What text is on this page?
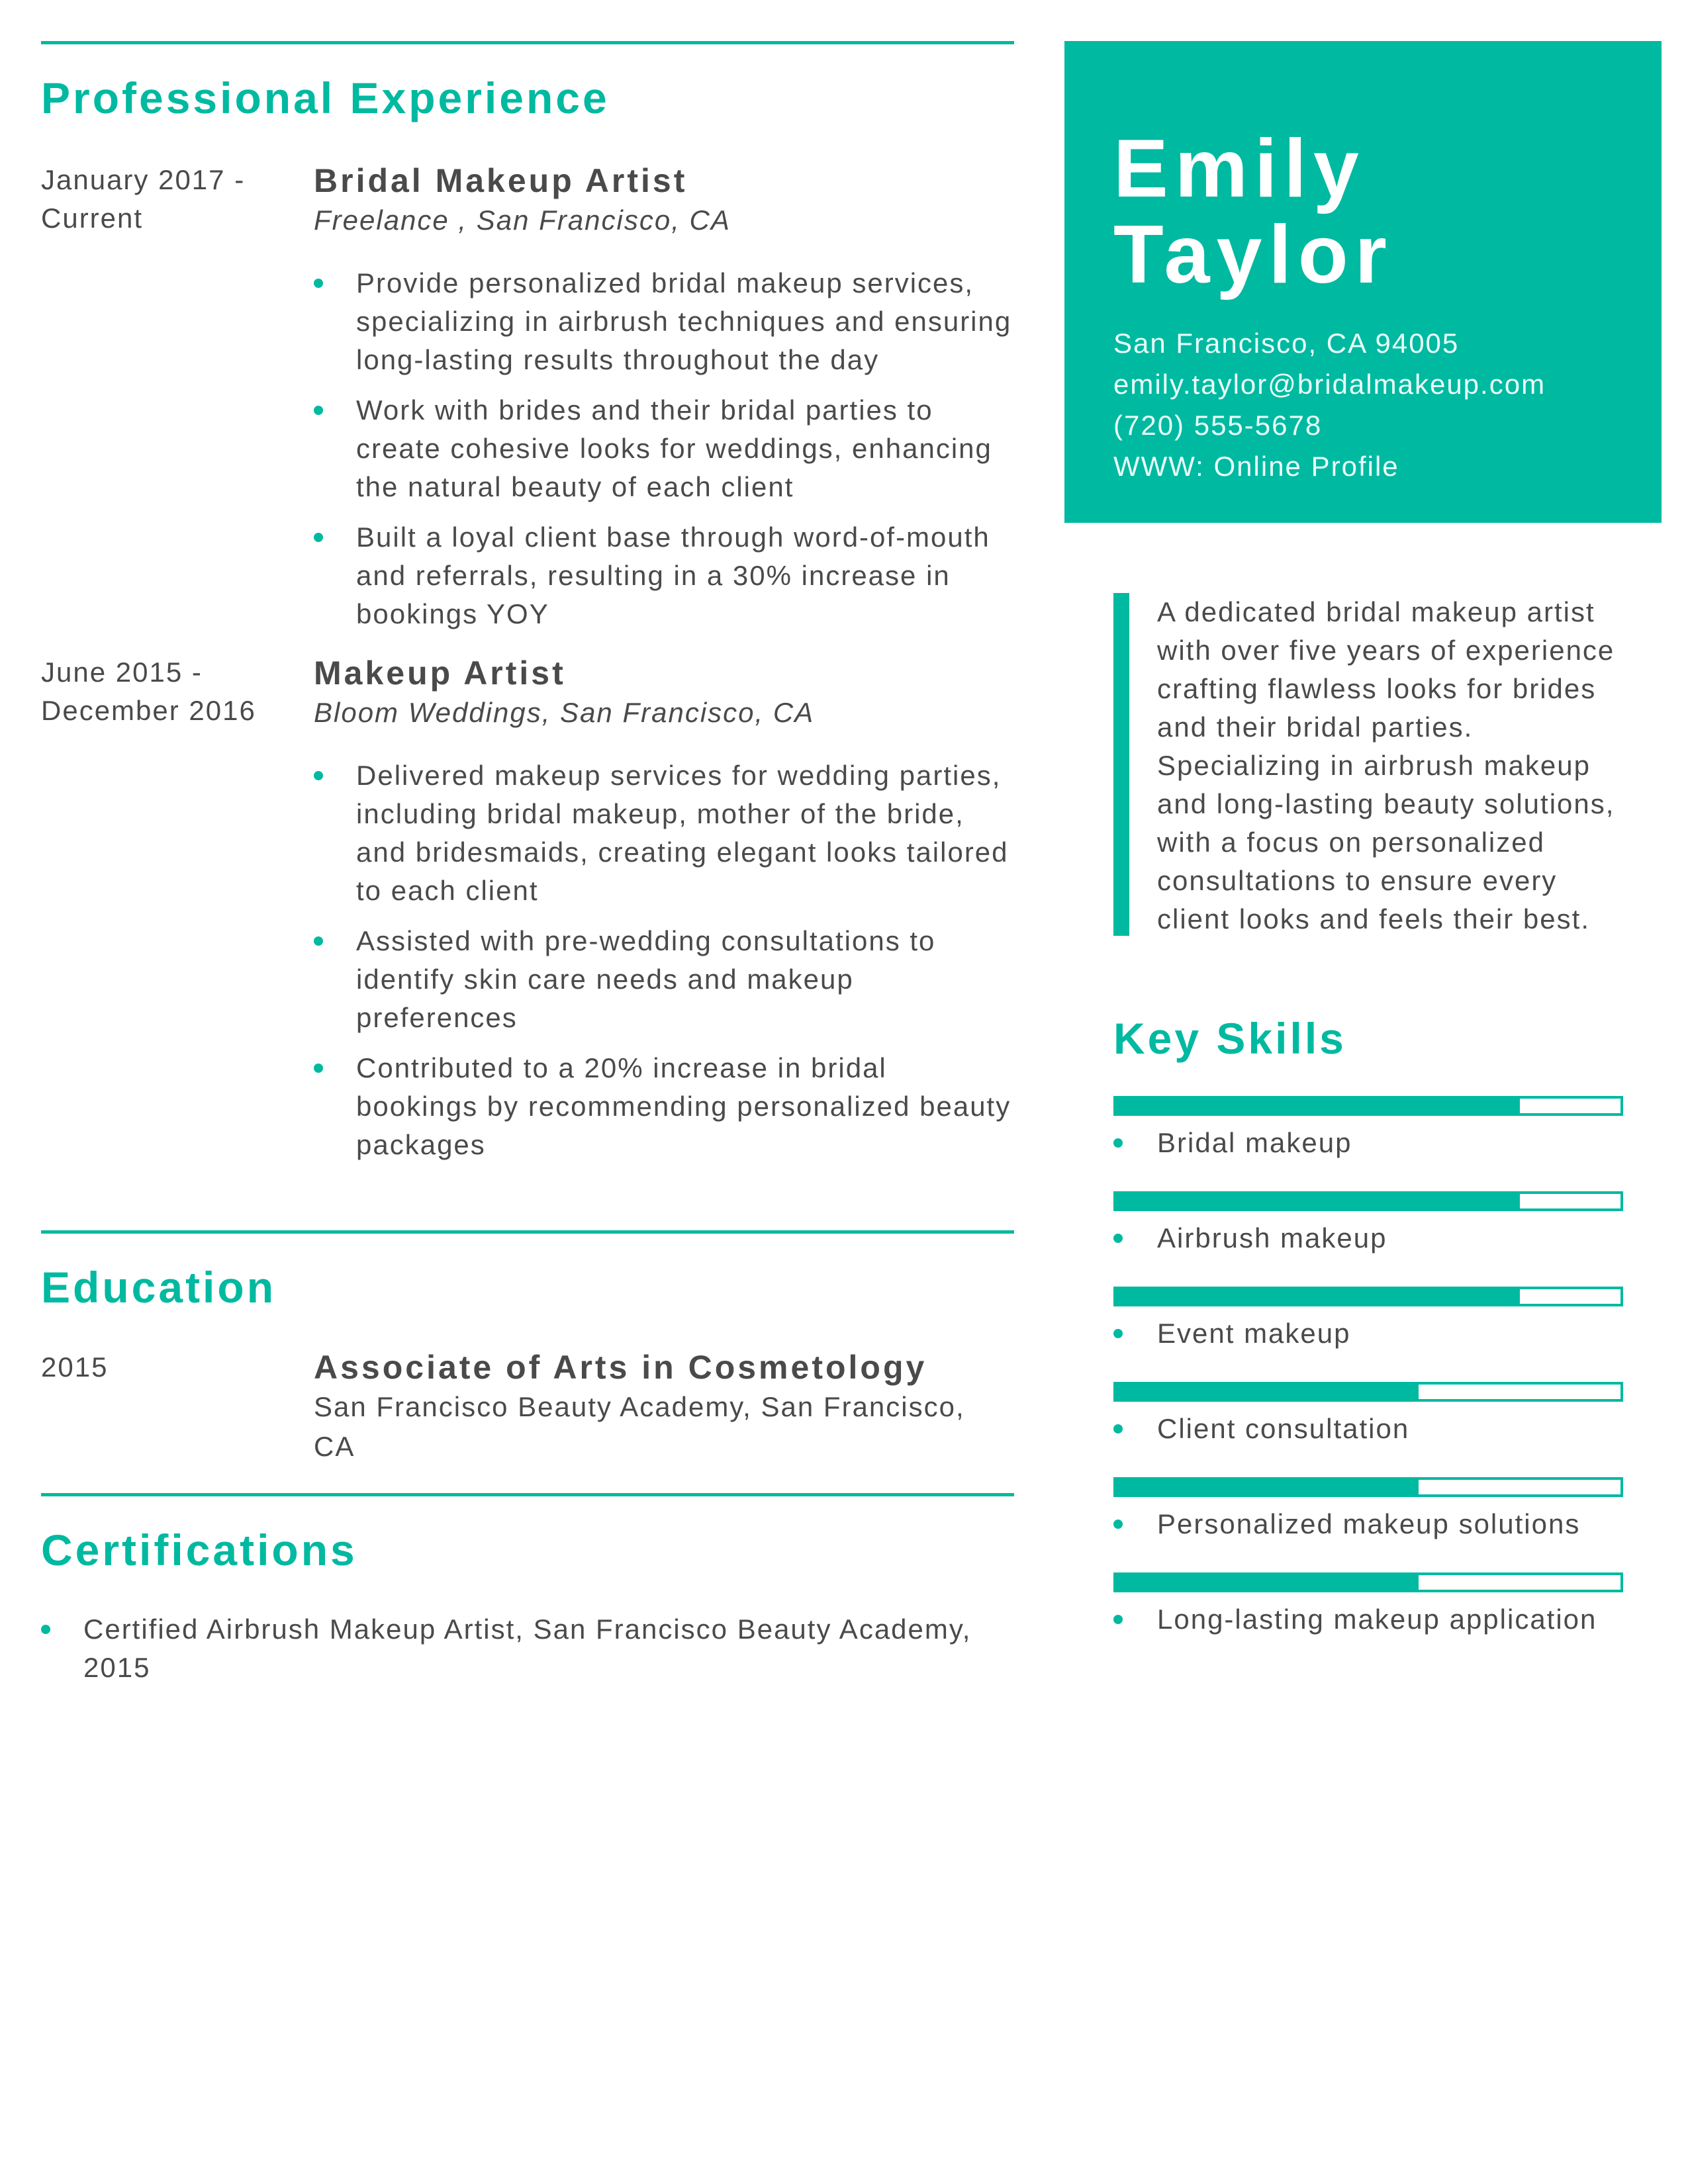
Professional Experience
January 2017 -
Current
Bridal Makeup Artist
Freelance , San Francisco, CA
Provide personalized bridal makeup services, specializing in airbrush techniques and ensuring long-lasting results throughout the day
Work with brides and their bridal parties to create cohesive looks for weddings, enhancing the natural beauty of each client
Built a loyal client base through word-of-mouth and referrals, resulting in a 30% increase in bookings YOY
June 2015 -
December 2016
Makeup Artist
Bloom Weddings, San Francisco, CA
Delivered makeup services for wedding parties, including bridal makeup, mother of the bride, and bridesmaids, creating elegant looks tailored to each client
Assisted with pre-wedding consultations to identify skin care needs and makeup preferences
Contributed to a 20% increase in bridal bookings by recommending personalized beauty packages
Education
2015	Associate of Arts in Cosmetology
San Francisco Beauty Academy, San Francisco, CA
Certifications
Certified Airbrush Makeup Artist, San Francisco Beauty Academy, 2015
Emily
Taylor
San Francisco, CA 94005
emily.taylor@bridalmakeup.com
(720) 555-5678
WWW: Online Profile
A dedicated bridal makeup artist with over five years of experience crafting flawless looks for brides and their bridal parties. Specializing in airbrush makeup and long-lasting beauty solutions, with a focus on personalized consultations to ensure every client looks and feels their best.
Key Skills
Bridal makeup
Airbrush makeup
Event makeup
Client consultation
Personalized makeup solutions
Long-lasting makeup application
